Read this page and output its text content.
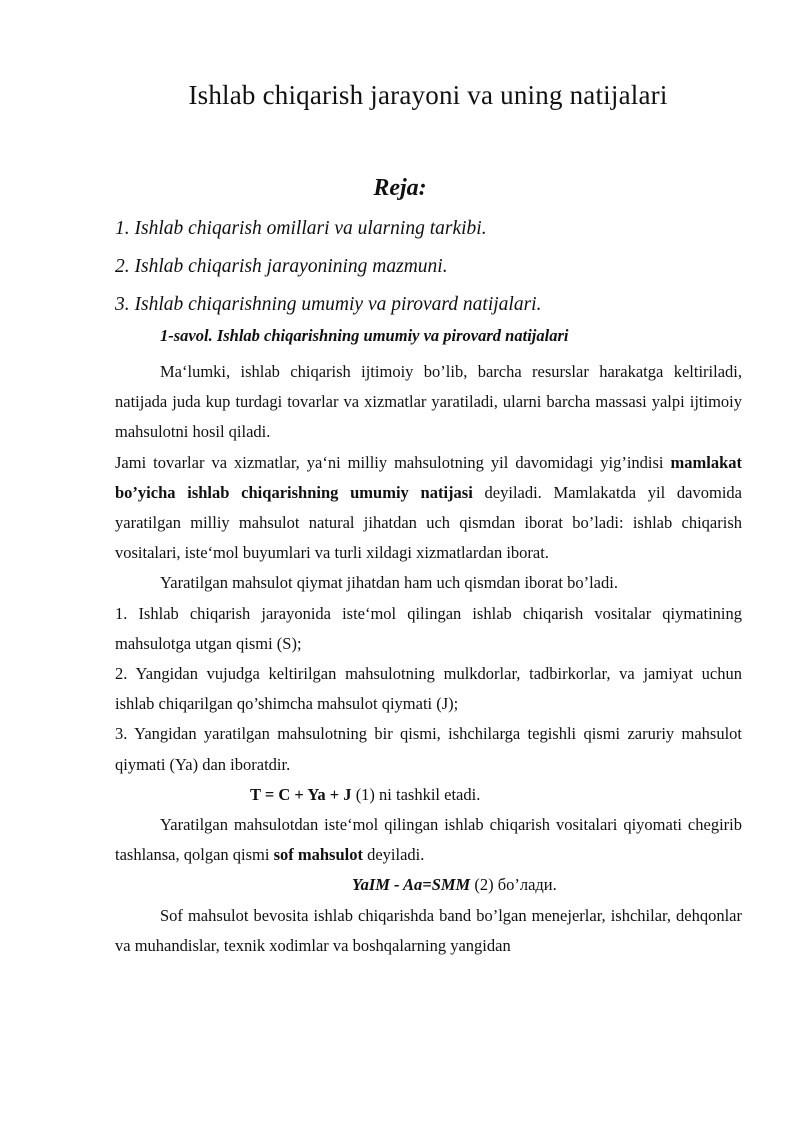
Ishlab chiqarish jarayoni va uning natijalari
Reja:
1. Ishlab chiqarish omillari va ularning tarkibi.
2. Ishlab chiqarish jarayonining mazmuni.
3. Ishlab chiqarishning umumiy va pirovard natijalari.
1-savol. Ishlab chiqarishning umumiy va pirovard natijalari

Ma‘lumki, ishlab chiqarish ijtimoiy bo’lib, barcha resurslar harakatga keltiriladi, natijada juda kup turdagi tovarlar va xizmatlar yaratiladi, ularni barcha massasi yalpi ijtimoiy mahsulotni hosil qiladi.

Jami tovarlar va xizmatlar, ya‘ni milliy mahsulotning yil davomidagi yig’indisi mamlakat bo’yicha ishlab chiqarishning umumiy natijasi deyiladi. Mamlakatda yil davomida yaratilgan milliy mahsulot natural jihatdan uch qismdan iborat bo’ladi: ishlab chiqarish vositalari, iste‘mol buyumlari va turli xildagi xizmatlardan iborat.

Yaratilgan mahsulot qiymat jihatdan ham uch qismdan iborat bo’ladi.

1. Ishlab chiqarish jarayonida iste‘mol qilingan ishlab chiqarish vositalar qiymatining mahsulotga utgan qismi (S);

2. Yangidan vujudga keltirilgan mahsulotning mulkdorlar, tadbirkorlar, va jamiyat uchun ishlab chiqarilgan qo’shimcha mahsulot qiymati (J);

3. Yangidan yaratilgan mahsulotning bir qismi, ishchilarga tegishli qismi zaruriy mahsulot qiymati (Ya) dan iboratdir.

T = C + Ya + J (1) ni tashkil etadi.

Yaratilgan mahsulotdan iste‘mol qilingan ishlab chiqarish vositalari qiyomati chegirib tashlansa, qolgan qismi sof mahsulot deyiladi.

YaIM - Aa=SMM (2) бо’лади.

Sof mahsulot bevosita ishlab chiqarishda band bo’lgan menejerlar, ishchilar, dehqonlar va muhandislar, texnik xodimlar va boshqalarning yangidan
